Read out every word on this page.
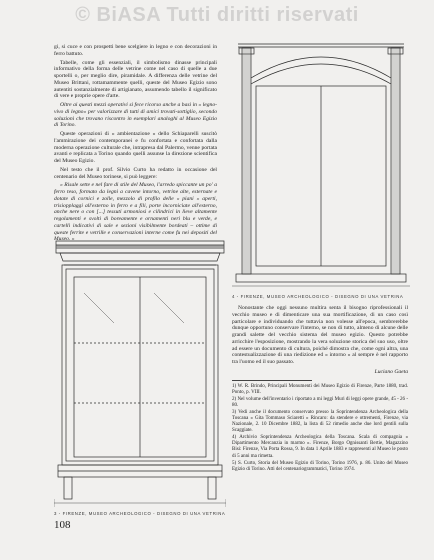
© BiASA Tutti diritti riservati

gi, si cuce e con prospetti bene scelgiere in legno e con decorazioni in ferro battuto.

Tabelle, come gli essenziali, il simbolismo dinasse principali informativo della forma delle vetrine come nel caso di quelle a due sportelli o, per meglio dire, piramidale. A differenza delle vetrine del Museo Brittani, rottamammente quelli, queste del Museo Egizio sono autentiti sostanzialmente di artigianato, assumendo tabello il significato di vere e proprie opere d'arte.

Oltre ai questi mezzi operativi si fece ricorso anche a basi in « legno-vivo di legno» per valorizzare di tutti di amici trovati-sottiglio, secondo soluzioni che trovano riscontro in esemplari analoghi al Museo Egizio di Torino.

Queste operazioni di « ambientazione » dello Schiaparelli suscitò l'ammirazione dei contemporanei e fu confortata e confortata dalla moderna operazione culturale che, intrapresa dal Palermo, venne portata avanti e replicata a Torino quando quelli assunse la direzione scientifica del Museo Egizio.

Nel testo che il prof. Silvio Curto ha redatto in occasione del centenario del Museo torinese, si può leggere:

« Risale sette e nel fare di stile del Museo, l'arredo spiccante un po' a ferro teso, formato da legni a cavene intorno, vetrine alte, esternate e dotate di cornici e zolle, mezzolo di profilo delle « piani » aperti, trisiopplaggi all'esterno in ferro e a fili, porte incorniciate all'esterno, anche nere o con [...] tessuti armoniosi e cilindrici in lieve altamente regolamenti e svolti di boreamente e ornamenti neri blu e verde, e cartelli indicativi di sale e sezioni visibilmente bordeati – ottime di queste ferrite e vetrille e conservazioni interne come fu nei depositi del Museo. »

4 - FIRENZE, MUSEO ARCHEOLOGICO - DISEGNO DI UNA VETRINA

Nonostante che oggi nessuno multira senta il bisogno riprofessionali il vecchio museo e di dimenticare una sua mortificazione, di un caso così particolare e individuando che tuttavia non volesse all'epoca, sembrerebbe dunque opportuno conservare l'interno, se non di tutto, almeno di alcune delle grandi salette del vecchio sistema del museo egizio. Questo potrebbe arricchire l'esposizione, mostrando la vera soluzione storica del suo uso, oltre ad essere un documento di cultura, poiché dimostra che, come ogni altra, una contestualizzazione di una riedizione ed « intorno » al sempre è nel rapporto tra l'uomo ed il suo passato.

Luciano Gaeta

1) W. R. Brindo, Principali Monumenti dei Museo Egizio di Firenze, Parte 1880, trad. Ponto, p. VIII.

2) Nel volume dell'inventario i riportato a mi leggi Muri di leggi opere grande, 45 - 26 - 80.

3) Vedi anche il documento conservato presso la Soprintendenza Archeologica della Toscana « Gita Tommaso Sciaretti » Rincaro: da stendere e ottrementi, Firenze, via Nazionale, 2. 10 Dicembre 1882, la lista di 52 rimedio anche due lord gentili sulla Scaggiate.

4) Archivio Soprintendenza Archeologica della Toscana. Scala di compagnia « Dipartimento Mercanzia in marmo ». Firenze, Borgo Ognissanti Bertie, Magazzino Bisi: Firenze, Via Porta Rossa, 9. In data 1 Aprile 1883 e rappresenti al Museo le posto di 5 anni ma rimetta.

5) S. Curto, Storia del Museo Egizio di Torino, Torino 1976, p. 86. Unito del Museo Egizio di Torino. Atti del centenariogrammatici, Torino 1974.

3 - FIRENZE, MUSEO ARCHEOLOGICO - DISEGNO DI UNA VETRINA
108
